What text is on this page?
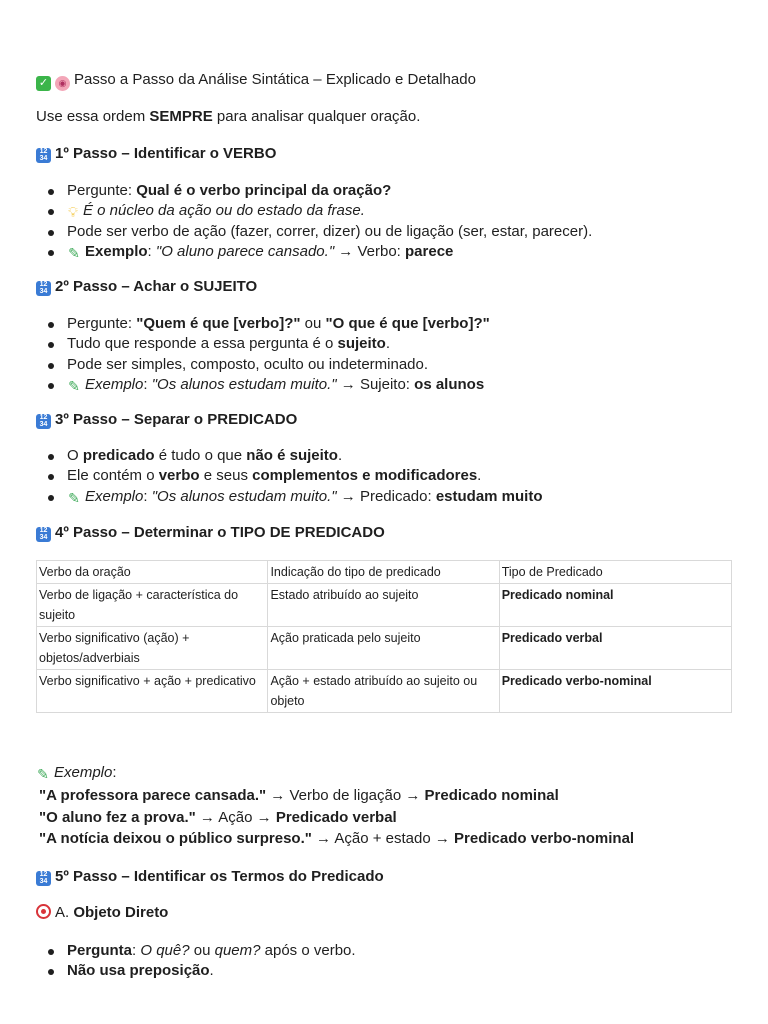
✓ ◉ Passo a Passo da Análise Sintática – Explicado e Detalhado
Use essa ordem SEMPRE para analisar qualquer oração.
12
34 1º Passo – Identificar o VERBO
Pergunte: Qual é o verbo principal da oração?
💡︎ É o núcleo da ação ou do estado da frase.
Pode ser verbo de ação (fazer, correr, dizer) ou de ligação (ser, estar, parecer).
✎ Exemplo: "O aluno parece cansado." → Verbo: parece
12
34 2º Passo – Achar o SUJEITO
Pergunte: "Quem é que [verbo]?" ou "O que é que [verbo]?"
Tudo que responde a essa pergunta é o sujeito.
Pode ser simples, composto, oculto ou indeterminado.
✎ Exemplo: "Os alunos estudam muito." → Sujeito: os alunos
12
34 3º Passo – Separar o PREDICADO
O predicado é tudo o que não é sujeito.
Ele contém o verbo e seus complementos e modificadores.
✎ Exemplo: "Os alunos estudam muito." → Predicado: estudam muito
12
34 4º Passo – Determinar o TIPO DE PREDICADO
Verbo da oração	Indicação do tipo de predicado	Tipo de Predicado
Verbo de ligação + característica do sujeito	Estado atribuído ao sujeito	Predicado nominal
Verbo significativo (ação) + objetos/adverbiais	Ação praticada pelo sujeito	Predicado verbal
Verbo significativo + ação + predicativo	Ação + estado atribuído ao sujeito ou objeto	Predicado verbo-nominal
✎ Exemplo:
"A professora parece cansada." → Verbo de ligação → Predicado nominal
"O aluno fez a prova." → Ação → Predicado verbal
"A notícia deixou o público surpreso." → Ação + estado → Predicado verbo-nominal
12
34 5º Passo – Identificar os Termos do Predicado
A. Objeto Direto
Pergunta: O quê? ou quem? após o verbo.
Não usa preposição.
